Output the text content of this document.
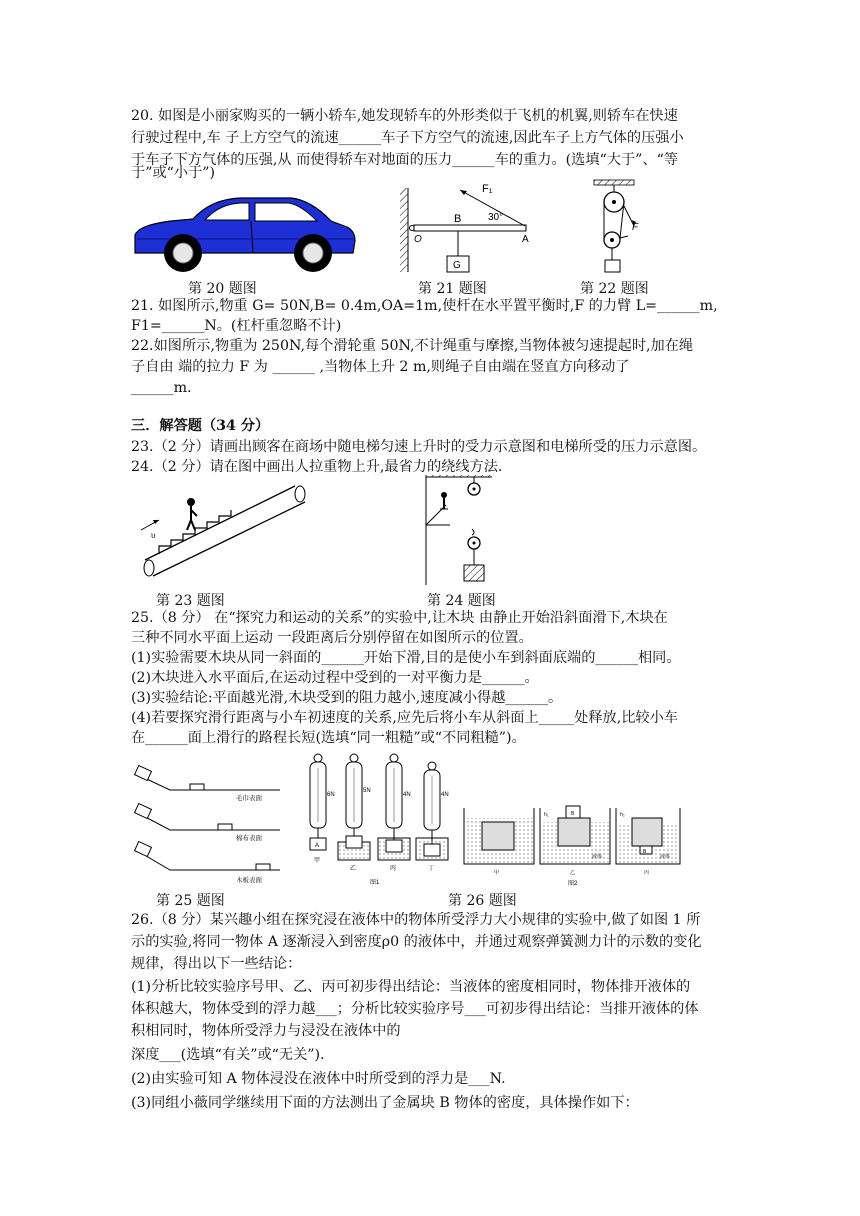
20. 如图是小丽家购买的一辆小轿车,她发现轿车的外形类似于飞机的机翼,则轿车在快速
行驶过程中,车 子上方空气的流速______车子下方空气的流速,因此车子上方气体的压强小
于车子下方气体的压强,从 而使得轿车对地面的压力______车的重力。(选填“大于”、“等
于”或“小于”)
F₁
B	30°
O	A
G
F
第 20 题图	第 21 题图	第 22 题图
21. 如图所示,物重 G= 50N,B= 0.4m,OA=1m,使杆在水平置平衡时,F 的力臂 L=______m,
F1=______N。(杠杆重忽略不计)
22.如图所示,物重为 250N,每个滑轮重 50N,不计绳重与摩擦,当物体被匀速提起时,加在绳
子自由 端的拉力 F 为 ______ ,当物体上升 2 m,则绳子自由端在竖直方向移动了
______m.
三．解答题（34 分）
23.（2 分）请画出顾客在商场中随电梯匀速上升时的受力示意图和电梯所受的压力示意图。
24.（2 分）请在图中画出人拉重物上升,最省力的绕线方法.
υ
第 23 题图	第 24 题图
25.（8 分） 在“探究力和运动的关系”的实验中,让木块 由静止开始沿斜面滑下,木块在
三种不同水平面上运动 一段距离后分别停留在如图所示的位置。
(1)实验需要木块从同一斜面的______开始下滑,目的是使小车到斜面底端的______相同。
(2)木块进入水平面后,在运动过程中受到的一对平衡力是______。
(3)实验结论:平面越光滑,木块受到的阻力越小,速度减小得越______。
(4)若要探究滑行距离与小车初速度的关系,应先后将小车从斜面上_____处释放,比较小车
在______面上滑行的路程长短(选填“同一粗糙”或“不同粗糙”)。
毛巾表面
棉布表面
木板表面
6N
A
甲
5N
乙
4N
丙
4N
丁
图1
甲
B
h₁
液体
乙
B
h₂
液体
丙
图2
第 25 题图	第 26 题图
26.（8 分）某兴趣小组在探究浸在液体中的物体所受浮力大小规律的实验中,做了如图 1 所
示的实验,将同一物体 A 逐渐浸入到密度ρ0 的液体中，并通过观察弹簧测力计的示数的变化
规律，得出以下一些结论：
(1)分析比较实验序号甲、乙、丙可初步得出结论：当液体的密度相同时，物体排开液体的
体积越大，物体受到的浮力越___；分析比较实验序号___可初步得出结论：当排开液体的体
积相同时，物体所受浮力与浸没在液体中的
深度___(选填“有关”或“无关”).
(2)由实验可知 A 物体浸没在液体中时所受到的浮力是___N.
(3)同组小薇同学继续用下面的方法测出了金属块 B 物体的密度，具体操作如下：
